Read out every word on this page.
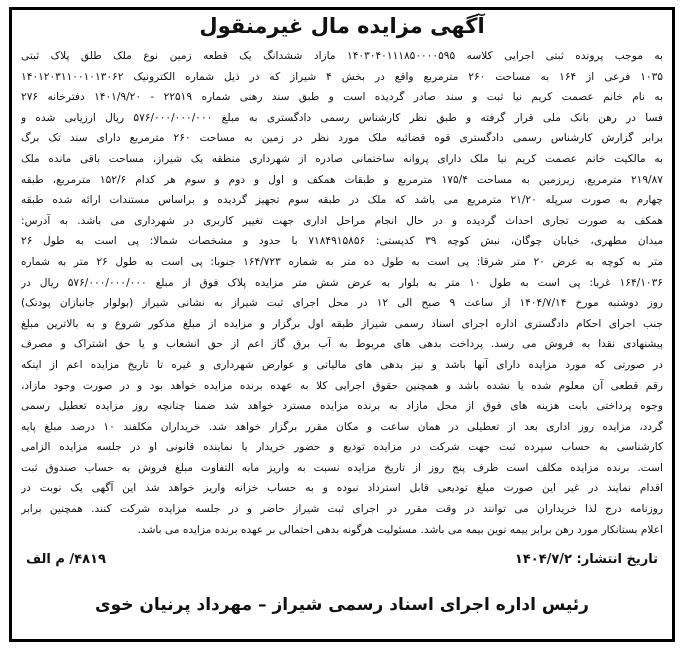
آگهی مزایده مال غیرمنقول
به موجب پرونده ثبتی اجرایی کلاسه ۱۴۰۳۰۴۰۱۱۱۸۵۰۰۰۰۵۹۵ مازاد ششدانگ یک قطعه زمین نوع ملک طلق پلاک ثبتی
۱۰۳۵ فرعی از ۱۶۴ به مساحت ۲۶۰ مترمربع واقع در بخش ۴ شیراز که در ذیل شماره الکترونیک ۱۴۰۱۲۰۳۱۱۰۰۱۰۱۳۰۶۲
به نام خانم عصمت کریم نیا ثبت و سند صادر گردیده است و طبق سند رهنی شماره ۲۲۵۱۹ - ۱۴۰۱/۹/۲۰ دفترخانه ۲۷۶
فسا در رهن بانک ملی قرار گرفته و طبق نظر کارشناس رسمی دادگستری به مبلغ ۵۷۶/۰۰۰/۰۰۰/۰۰۰ ریال ارزیابی شده و
برابر گزارش کارشناس رسمی دادگستری قوه قضائیه ملک مورد نظر در زمین به مساحت ۲۶۰ مترمربع دارای سند تک برگ
به مالکیت خانم عصمت کریم نیا ملک دارای پروانه ساختمانی صادره از شهرداری منطقه یک شیراز، مساحت باقی مانده ملک
۲۱۹/۸۷ مترمربع، زیرزمین به مساحت ۱۷۵/۴ مترمربع و طبقات همکف و اول و دوم و سوم هر کدام ۱۵۲/۶ مترمربع، طبقه
چهارم به صورت سرپله ۲۱/۲۰ مترمربع می باشد که ملک در طبقه سوم تجهیز گردیده و براساس مستندات ارائه شده طبقه
همکف به صورت تجاری احداث گردیده و در حال انجام مراحل اداری جهت تغییر کاربری در شهرداری می باشد. به آدرس:
میدان مطهری، خیابان چوگان، نبش کوچه ۳۹ کدپستی: ۷۱۸۴۹۱۵۸۵۶ با حدود و مشخصات شمالا: پی است به طول ۲۶
متر به کوچه به عرض ۲۰ متر شرقا: پی است به طول ده متر به شماره ۱۶۴/۷۲۳ جنوبا: پی است به طول ۲۶ متر به شماره
۱۶۴/۱۰۳۶ غربا: پی است به طول ۱۰ متر به بلوار به عرض شش متر مزایده پلاک فوق از مبلغ ۵۷۶/۰۰۰/۰۰۰/۰۰۰ ریال در
روز دوشنبه مورخ ۱۴۰۴/۷/۱۴ از ساعت ۹ صبح الی ۱۲ در محل اجرای ثبت شیراز به نشانی شیراز (بولوار جانبازان پودنک)
جنب اجرای احکام دادگستری اداره اجرای اسناد رسمی شیراز طبقه اول برگزار و مزایده از مبلغ مذکور شروع و به بالاترین مبلغ
پیشنهادی نقدا به فروش می رسد. پرداخت بدهی های مربوط به آب برق گاز اعم از حق انشعاب و یا حق اشتراک و مصرف
در صورتی که مورد مزایده دارای آنها باشد و نیز بدهی های مالیاتی و عوارض شهرداری و غیره تا تاریخ مزایده اعم از اینکه
رقم قطعی آن معلوم شده یا نشده باشد و همچنین حقوق اجرایی کلا به عهده برنده مزایده خواهد بود و در صورت وجود مازاد،
وجوه پرداختی بابت هزینه های فوق از محل مازاد به برنده مزایده مسترد خواهد شد ضمنا چنانچه روز مزایده تعطیل رسمی
گردد، مزایده روز اداری بعد از تعطیلی در همان ساعت و مکان مقرر برگزار خواهد شد. خریداران مکلفند ۱۰ درصد مبلغ پایه
کارشناسی به حساب سپرده ثبت جهت شرکت در مزایده تودیع و حضور خریدار یا نماینده قانونی او در جلسه مزایده الزامی
است. برنده مزایده مکلف است ظرف پنج روز از تاریخ مزایده نسبت به واریز مابه التفاوت مبلغ فروش به حساب صندوق ثبت
اقدام نمایند در غیر این صورت مبلغ تودیعی قابل استرداد نبوده و به حساب خزانه واریز خواهد شد این آگهی یک نوبت در
روزنامه درج لذا خریداران می توانند در وقت مقرر در اجرای ثبت شیراز حاضر و در جلسه مزایده شرکت کنند. همچنین برابر
اعلام بستانکار مورد رهن برابر بیمه نوین بیمه می باشد. مسئولیت هرگونه بدهی احتمالی بر عهده برنده مزایده می باشد.
تاریخ انتشار: ۱۴۰۴/۷/۲
۴۸۱۹/ م الف
رئیس اداره اجرای اسناد رسمی شیراز – مهرداد پرنیان خوی
